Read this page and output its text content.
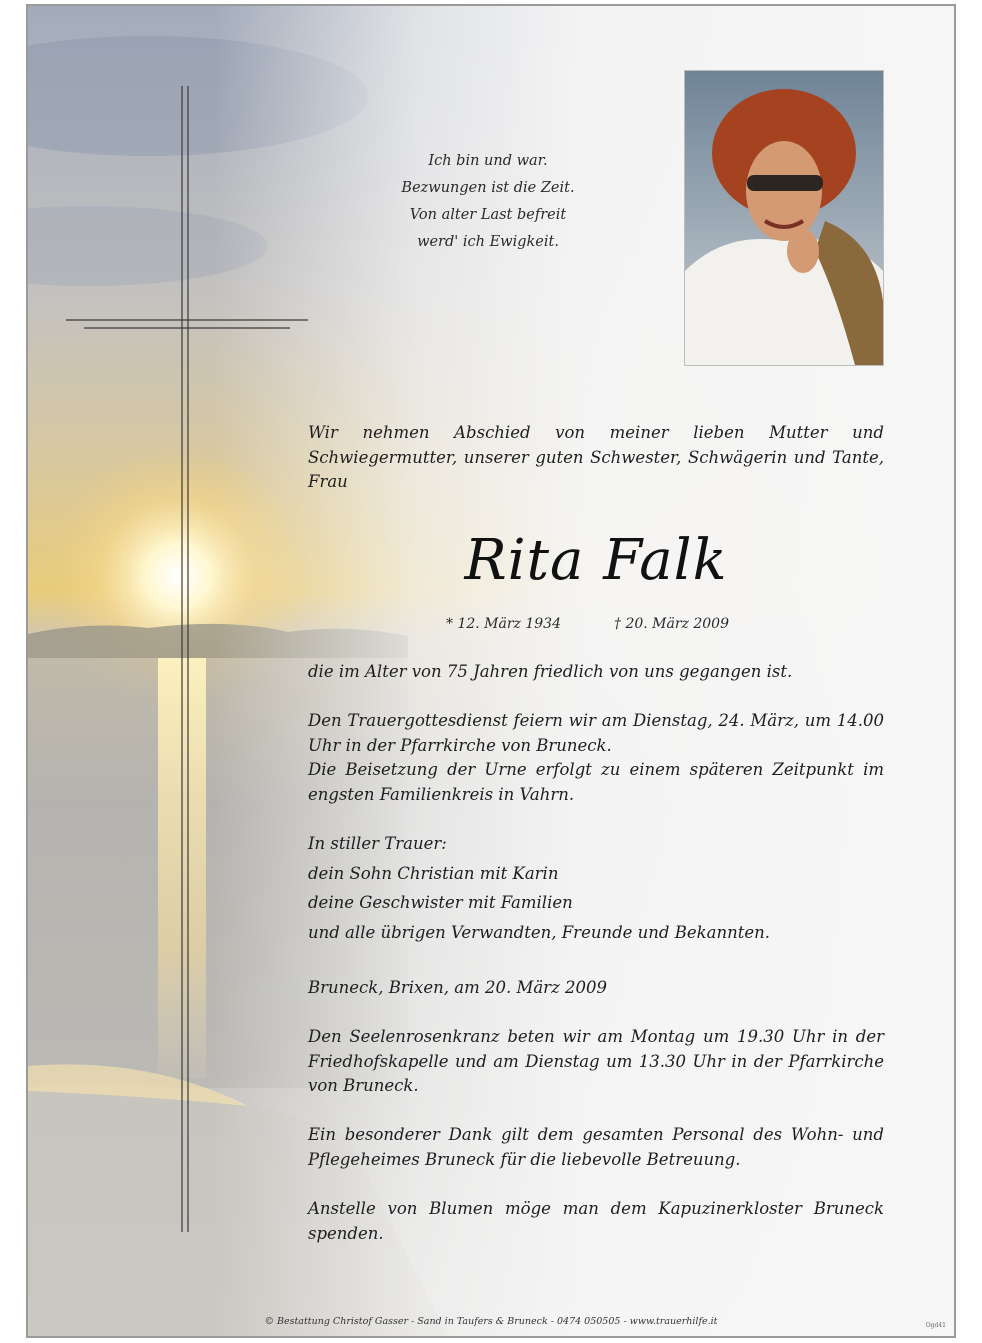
Ich bin und war.
Bezwungen ist die Zeit.
Von alter Last befreit
werd' ich Ewigkeit.
Wir nehmen Abschied von meiner lieben Mutter und Schwiegermutter, unserer guten Schwester, Schwägerin und Tante, Frau
Rita Falk
* 12. März 1934	† 20. März 2009
die im Alter von 75 Jahren friedlich von uns gegangen ist.
Den Trauergottesdienst feiern wir am Dienstag, 24. März, um 14.00 Uhr in der Pfarrkirche von Bruneck.
Die Beisetzung der Urne erfolgt zu einem späteren Zeitpunkt im engsten Familienkreis in Vahrn.
In stiller Trauer:
dein Sohn Christian mit Karin
deine Geschwister mit Familien
und alle übrigen Verwandten, Freunde und Bekannten.
Bruneck, Brixen, am 20. März 2009
Den Seelenrosenkranz beten wir am Montag um 19.30 Uhr in der Friedhofskapelle und am Dienstag um 13.30 Uhr in der Pfarrkirche von Bruneck.
Ein besonderer Dank gilt dem gesamten Personal des Wohn- und Pflegeheimes Bruneck für die liebevolle Betreuung.
Anstelle von Blumen möge man dem Kapuzinerkloster Bruneck spenden.
© Bestattung Christof Gasser - Sand in Taufers & Bruneck - 0474 050505 - www.trauerhilfe.it	Ogd41
